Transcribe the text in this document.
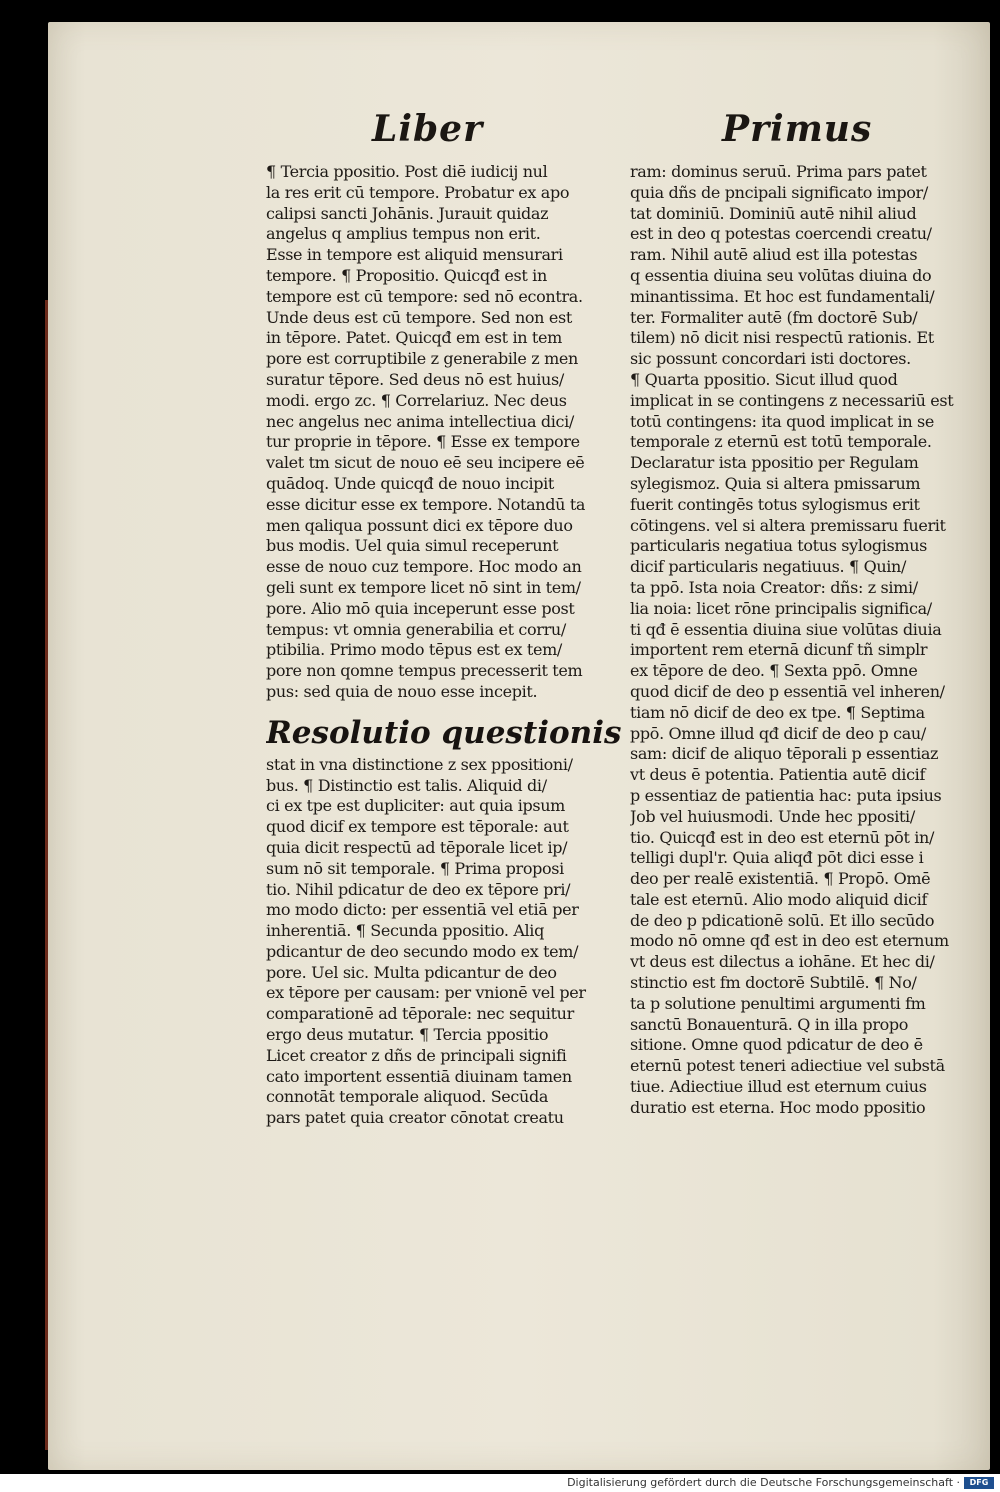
Liber	Primus
¶ Tercia ppositio. Post diē iudicij nul
la res erit cū tempore. Probatur ex apo
calipsi sancti Johānis. Jurauit quidaz
angelus q amplius tempus non erit.
Esse in tempore est aliquid mensurari
tempore. ¶ Propositio. Quicqđ est in
tempore est cū tempore: sed nō econtra.
Unde deus est cū tempore. Sed non est
in tēpore. Patet. Quicqđ em est in tem
pore est corruptibile z generabile z men
suratur tēpore. Sed deus nō est huius/
modi. ergo zc. ¶ Correlariuz. Nec deus
nec angelus nec anima intellectiua dici/
tur proprie in tēpore. ¶ Esse ex tempore
valet tm sicut de nouo eē seu incipere eē
quādoq. Unde quicqđ de nouo incipit
esse dicitur esse ex tempore. Notandū ta
men qaliqua possunt dici ex tēpore duo
bus modis. Uel quia simul receperunt
esse de nouo cuz tempore. Hoc modo an
geli sunt ex tempore licet nō sint in tem/
pore. Alio mō quia inceperunt esse post
tempus: vt omnia generabilia et corru/
ptibilia. Primo modo tēpus est ex tem/
pore non qomne tempus precesserit tem
pus: sed quia de nouo esse incepit.
Resolutio questionis
stat in vna distinctione z sex ppositioni/
bus. ¶ Distinctio est talis. Aliquid di/
ci ex tpe est dupliciter: aut quia ipsum
quod dicif ex tempore est tēporale: aut
quia dicit respectū ad tēporale licet ip/
sum nō sit temporale. ¶ Prima proposi
tio. Nihil pdicatur de deo ex tēpore pri/
mo modo dicto: per essentiā vel etiā per
inherentiā. ¶ Secunda ppositio. Aliq
pdicantur de deo secundo modo ex tem/
pore. Uel sic. Multa pdicantur de deo
ex tēpore per causam: per vnionē vel per
comparationē ad tēporale: nec sequitur
ergo deus mutatur. ¶ Tercia ppositio
Licet creator z dñs de principali signifi
cato importent essentiā diuinam tamen
connotāt temporale aliquod. Secūda
pars patet quia creator cōnotat creatu
ram: dominus seruū. Prima pars patet
quia dñs de pncipali significato impor/
tat dominiū. Dominiū autē nihil aliud
est in deo q potestas coercendi creatu/
ram. Nihil autē aliud est illa potestas
q essentia diuina seu volūtas diuina do
minantissima. Et hoc est fundamentali/
ter. Formaliter autē (fm doctorē Sub/
tilem) nō dicit nisi respectū rationis. Et
sic possunt concordari isti doctores.
¶ Quarta ppositio. Sicut illud quod
implicat in se contingens z necessariū est
totū contingens: ita quod implicat in se
temporale z eternū est totū temporale.
Declaratur ista ppositio per Regulam
sylegismoz. Quia si altera pmissarum
fuerit contingēs totus sylogismus erit
cōtingens. vel si altera premissaru fuerit
particularis negatiua totus sylogismus
dicif particularis negatiuus. ¶ Quin/
ta ppō. Ista noia Creator: dñs: z simi/
lia noia: licet rōne principalis significa/
ti qđ ē essentia diuina siue volūtas diuia
importent rem eternā dicunf tñ simplr
ex tēpore de deo. ¶ Sexta ppō. Omne
quod dicif de deo p essentiā vel inheren/
tiam nō dicif de deo ex tpe. ¶ Septima
ppō. Omne illud qđ dicif de deo p cau/
sam: dicif de aliquo tēporali p essentiaz
vt deus ē potentia. Patientia autē dicif
p essentiaz de patientia hac: puta ipsius
Job vel huiusmodi. Unde hec ppositi/
tio. Quicqđ est in deo est eternū pōt in/
telligi dupl'r. Quia aliqđ pōt dici esse i
deo per realē existentiā. ¶ Propō. Omē
tale est eternū. Alio modo aliquid dicif
de deo p pdicationē solū. Et illo secūdo
modo nō omne qđ est in deo est eternum
vt deus est dilectus a iohāne. Et hec di/
stinctio est fm doctorē Subtilē. ¶ No/
ta p solutione penultimi argumenti fm
sanctū Bonauenturā. Q in illa propo
sitione. Omne quod pdicatur de deo ē
eternū potest teneri adiectiue vel substā
tiue. Adiectiue illud est eternum cuius
duratio est eterna. Hoc modo ppositio
Digitalisierung gefördert durch die Deutsche Forschungsgemeinschaft ·	DFG
